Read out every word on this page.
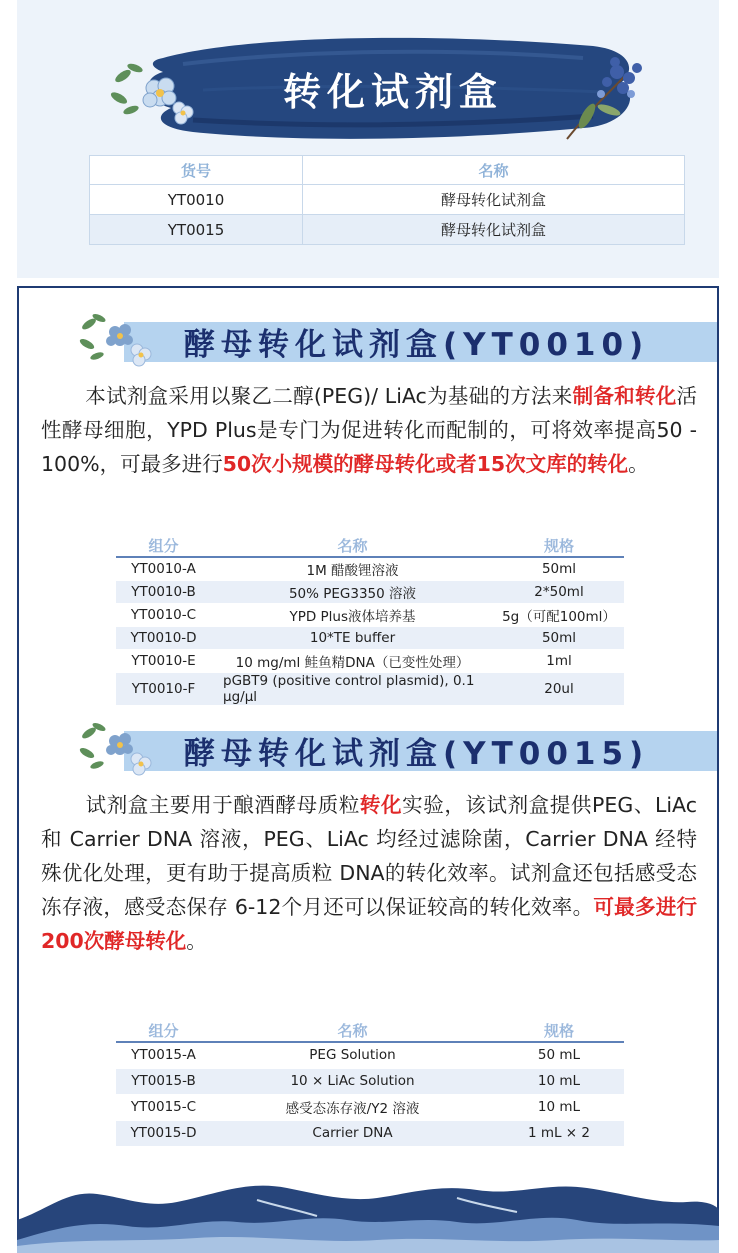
转化试剂盒
货号	名称
YT0010	酵母转化试剂盒
YT0015	酵母转化试剂盒
酵母转化试剂盒(YT0010)
本试剂盒采用以聚乙二醇(PEG)/ LiAc为基础的方法来制备和转化活性酵母细胞，YPD Plus是专门为促进转化而配制的，可将效率提高50 - 100%，可最多进行50次小规模的酵母转化或者15次文库的转化。
组分	名称	规格
YT0010-A	1M 醋酸锂溶液	50ml
YT0010-B	50% PEG3350 溶液	2*50ml
YT0010-C	YPD Plus液体培养基	5g（可配100ml）
YT0010-D	10*TE buffer	50ml
YT0010-E	10 mg/ml 鲑鱼精DNA（已变性处理）	1ml
YT0010-F	pGBT9 (positive control plasmid), 0.1 μg/μl	20ul
酵母转化试剂盒(YT0015)
试剂盒主要用于酿酒酵母质粒转化实验，该试剂盒提供PEG、LiAc 和 Carrier DNA 溶液，PEG、LiAc 均经过滤除菌，Carrier DNA 经特殊优化处理，更有助于提高质粒 DNA的转化效率。试剂盒还包括感受态冻存液，感受态保存 6-12个月还可以保证较高的转化效率。可最多进行200次酵母转化。
组分	名称	规格
YT0015-A	PEG Solution	50 mL
YT0015-B	10 × LiAc Solution	10 mL
YT0015-C	感受态冻存液/Y2 溶液	10 mL
YT0015-D	Carrier DNA	1 mL × 2
